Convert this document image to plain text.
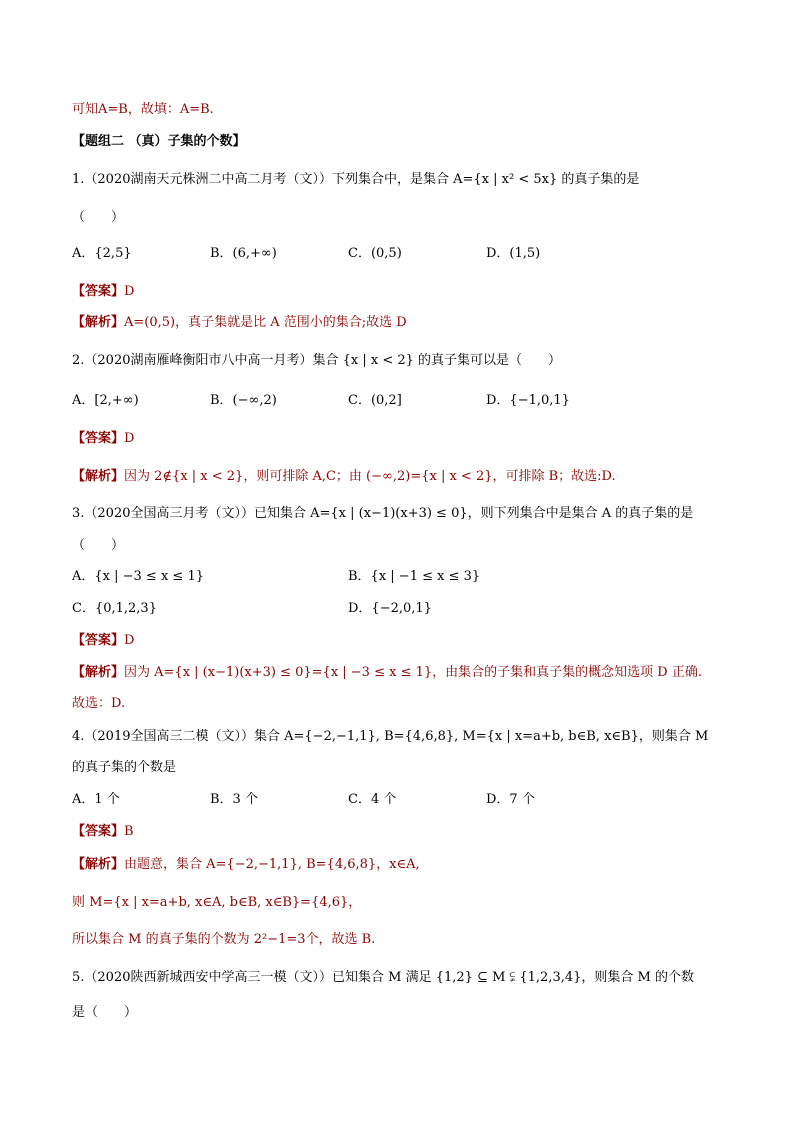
可知A=B，故填：A=B.
【题组二 （真）子集的个数】
1.（2020湖南天元株洲二中高二月考（文））下列集合中，是集合 A={x | x² < 5x} 的真子集的是
（　　）
A．{2,5}	B．(6,+∞)	C．(0,5)	D．(1,5)
【答案】D
【解析】A=(0,5)，真子集就是比 A 范围小的集合;故选 D
2.（2020湖南雁峰衡阳市八中高一月考）集合 {x | x < 2} 的真子集可以是（　　）
A．[2,+∞)	B．(−∞,2)	C．(0,2]	D．{−1,0,1}
【答案】D
【解析】因为 2∉{x | x < 2}，则可排除 A,C；由 (−∞,2)={x | x < 2}，可排除 B；故选:D.
3.（2020全国高三月考（文））已知集合 A={x | (x−1)(x+3) ≤ 0}，则下列集合中是集合 A 的真子集的是
（　　）
A．{x | −3 ≤ x ≤ 1}	B．{x | −1 ≤ x ≤ 3}
C．{0,1,2,3}	D．{−2,0,1}
【答案】D
【解析】因为 A={x | (x−1)(x+3) ≤ 0}={x | −3 ≤ x ≤ 1}，由集合的子集和真子集的概念知选项 D 正确.
故选：D.
4.（2019全国高三二模（文））集合 A={−2,−1,1}, B={4,6,8}, M={x | x=a+b, b∈B, x∈B}，则集合 M
的真子集的个数是
A．1 个	B．3 个	C．4 个	D．7 个
【答案】B
【解析】由题意，集合 A={−2,−1,1}, B={4,6,8}，x∈A,
则 M={x | x=a+b, x∈A, b∈B, x∈B}={4,6}，
所以集合 M 的真子集的个数为 2²−1=3个，故选 B.
5.（2020陕西新城西安中学高三一模（文））已知集合 M 满足 {1,2} ⊆ M ⫋ {1,2,3,4}，则集合 M 的个数
是（　　）
